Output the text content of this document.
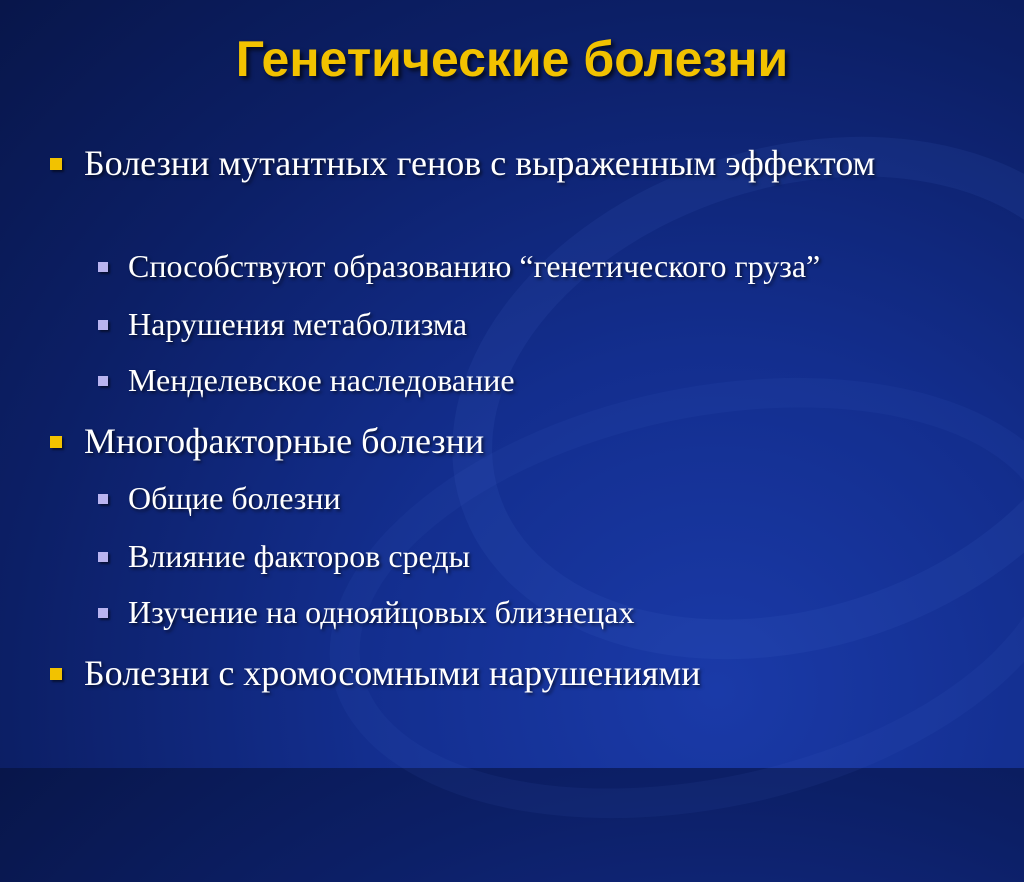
Генетические болезни
Болезни мутантных генов с выраженным эффектом
Способствуют образованию “генетического груза”
Нарушения метаболизма
Менделевское наследование
Многофакторные болезни
Общие болезни
Влияние факторов среды
Изучение на однояйцовых близнецах
Болезни с хромосомными нарушениями
